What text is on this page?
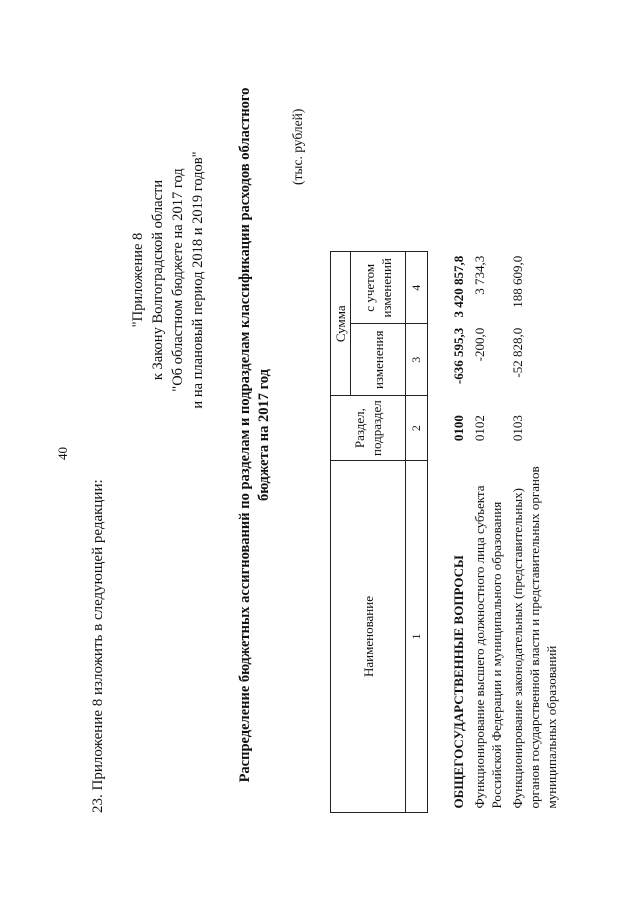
40
23. Приложение 8 изложить в следующей редакции:
"Приложение 8 к Закону Волгоградской области "Об областном бюджете на 2017 год и на плановый период 2018 и 2019 годов" Распределение бюджетных ассигнований по разделам и подразделам классификации расходов областного бюджета на 2017 год
(тыс. рублей)
Наименование	Раздел, подраздел	Сумма	
		изменения	с учетом изменений
1	2	3	4
ОБЩЕГОСУДАРСТВЕННЫЕ ВОПРОСЫ	0100	-636 595,3	3 420 857,8
Функционирование высшего должностного лица субъекта Российской Федерации и муниципального образования	0102	-200,0	3 734,3
Функционирование законодательных (представительных) органов государственной власти и представительных органов муниципальных образований	0103	-52 828,0	188 609,0
